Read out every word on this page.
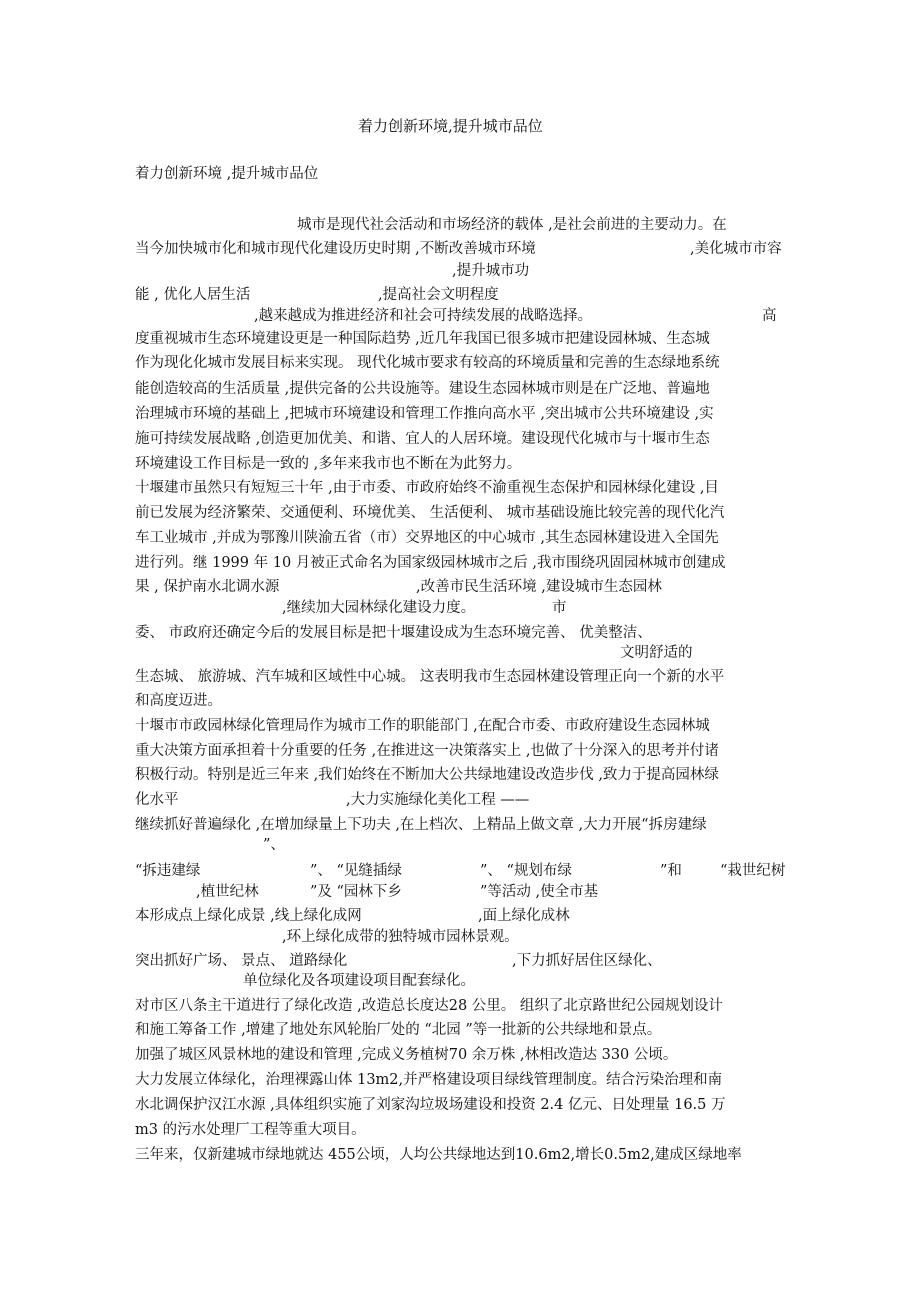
着力创新环境,提升城市品位
着力创新环境 ,提升城市品位
城市是现代社会活动和市场经济的载体 ,是社会前进的主要动力。在
当今加快城市化和城市现代化建设历史时期 ,不断改善城市环境	,美化城市市容
,提升城市功
能 , 优化人居生活	,提高社会文明程度
,越来越成为推进经济和社会可持续发展的战略选择。	高
度重视城市生态环境建设更是一种国际趋势 ,近几年我国已很多城市把建设园林城、生态城
作为现化化城市发展目标来实现。 现代化城市要求有较高的环境质量和完善的生态绿地系统
能创造较高的生活质量 ,提供完备的公共设施等。建设生态园林城市则是在广泛地、普遍地
治理城市环境的基础上 ,把城市环境建设和管理工作推向高水平 ,突出城市公共环境建设 ,实
施可持续发展战略 ,创造更加优美、和谐、宜人的人居环境。建设现代化城市与十堰市生态
环境建设工作目标是一致的 ,多年来我市也不断在为此努力。
十堰建市虽然只有短短三十年 ,由于市委、市政府始终不渝重视生态保护和园林绿化建设 ,目
前已发展为经济繁荣、交通便利、环境优美、 生活便利、 城市基础设施比较完善的现代化汽
车工业城市 ,并成为鄂豫川陕渝五省（市）交界地区的中心城市 ,其生态园林建设进入全国先
进行列。继 1999 年 10 月被正式命名为国家级园林城市之后 ,我市围绕巩固园林城市创建成
果 , 保护南水北调水源	,改善市民生活环境 ,建设城市生态园林
,继续加大园林绿化建设力度。	市
委、 市政府还确定今后的发展目标是把十堰建设成为生态环境完善、 优美整洁、
文明舒适的
生态城、 旅游城、汽车城和区域性中心城。 这表明我市生态园林建设管理正向一个新的水平
和高度迈进。
十堰市市政园林绿化管理局作为城市工作的职能部门 ,在配合市委、市政府建设生态园林城
重大决策方面承担着十分重要的任务 ,在推进这一决策落实上 ,也做了十分深入的思考并付诸
积极行动。特别是近三年来 ,我们始终在不断加大公共绿地建设改造步伐 ,致力于提高园林绿
化水平	,大力实施绿化美化工程 ——
继续抓好普遍绿化 ,在增加绿量上下功夫 ,在上档次、上精品上做文章 ,大力开展“拆房建绿
”、
“拆违建绿	”、 “见缝插绿	”、 “规划布绿	”和	“栽世纪树
,植世纪林	”及 “园林下乡	”等活动 ,使全市基
本形成点上绿化成景 ,线上绿化成网	,面上绿化成林
,环上绿化成带的独特城市园林景观。
突出抓好广场、 景点、 道路绿化	,下力抓好居住区绿化、
单位绿化及各项建设项目配套绿化。
对市区八条主干道进行了绿化改造 ,改造总长度达28 公里。 组织了北京路世纪公园规划设计
和施工筹备工作 ,增建了地处东风轮胎厂处的 “北园 ”等一批新的公共绿地和景点。
加强了城区风景林地的建设和管理 ,完成义务植树70 余万株 ,林相改造达 330 公顷。
大力发展立体绿化，治理裸露山体 13m2,并严格建设项目绿线管理制度。结合污染治理和南
水北调保护汉江水源 ,具体组织实施了刘家沟垃圾场建设和投资 2.4 亿元、日处理量 16.5 万
m3 的污水处理厂工程等重大项目。
三年来，仅新建城市绿地就达 455公顷，人均公共绿地达到10.6m2,增长0.5m2,建成区绿地率
